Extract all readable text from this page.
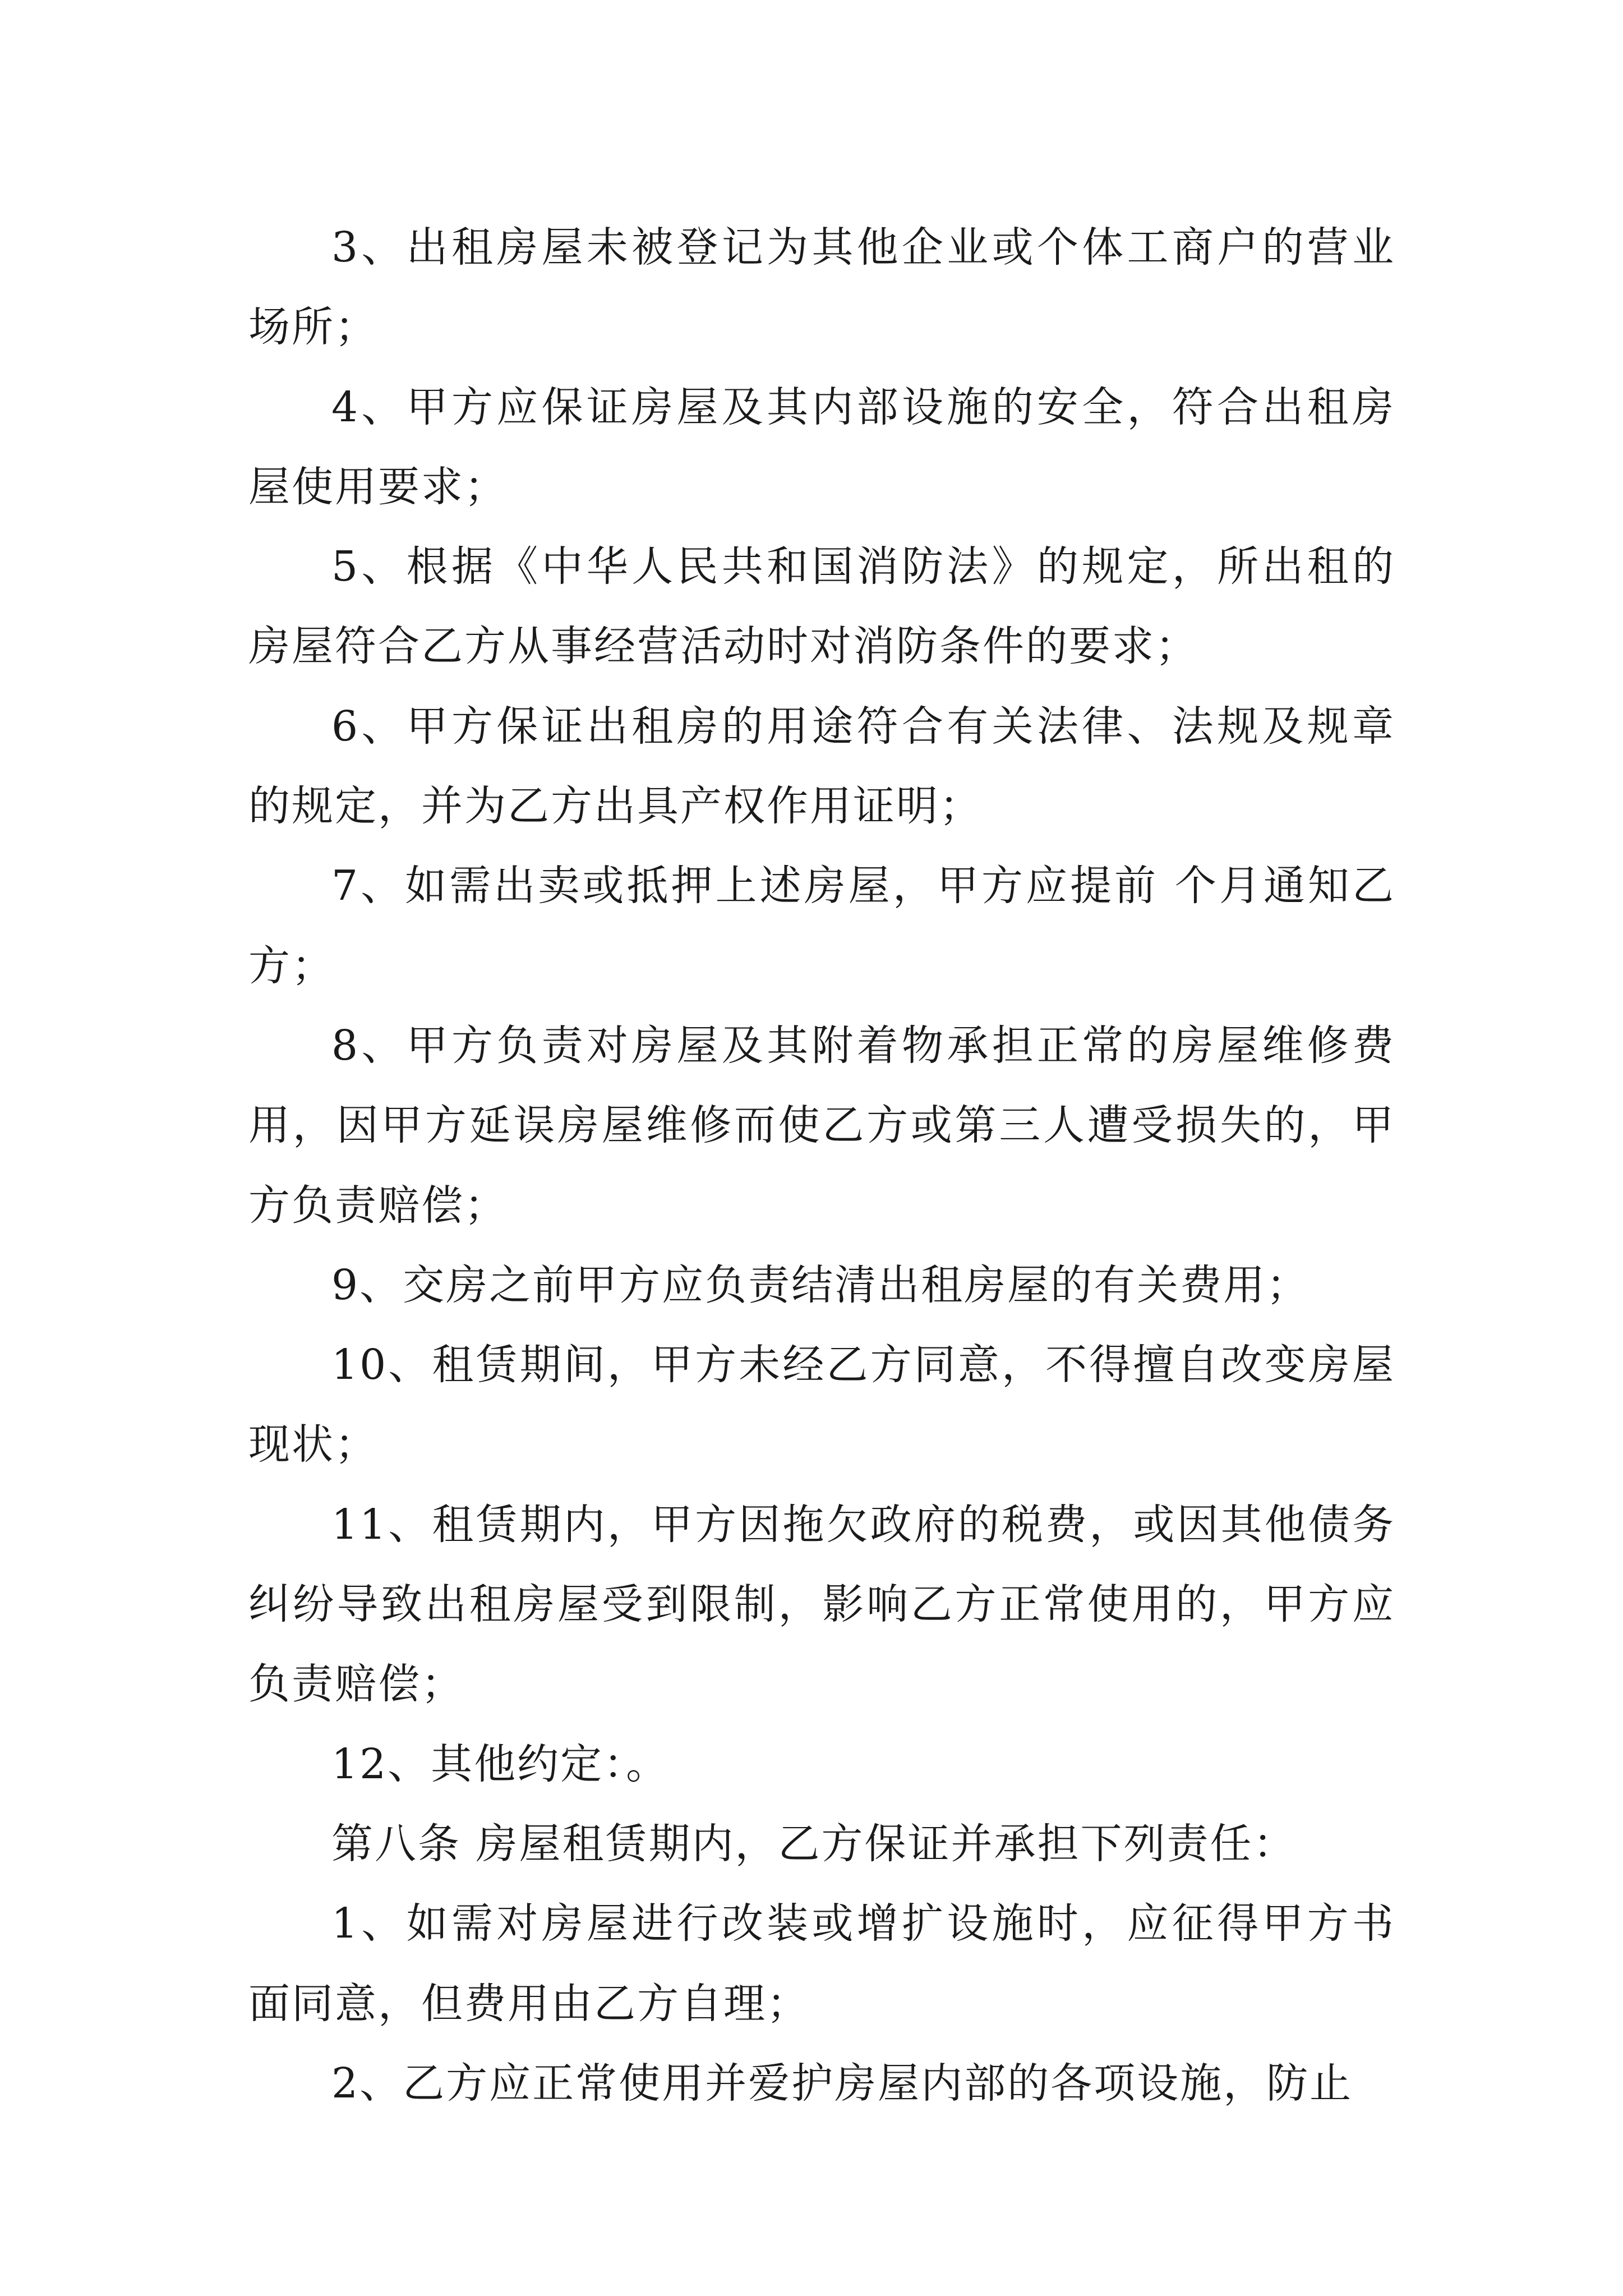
3、出租房屋未被登记为其他企业或个体工商户的营业场所；

4、甲方应保证房屋及其内部设施的安全，符合出租房屋使用要求；

5、根据《中华人民共和国消防法》的规定，所出租的房屋符合乙方从事经营活动时对消防条件的要求；

6、甲方保证出租房的用途符合有关法律、法规及规章的规定，并为乙方出具产权作用证明；

7、如需出卖或抵押上述房屋，甲方应提前 个月通知乙方；

8、甲方负责对房屋及其附着物承担正常的房屋维修费用，因甲方延误房屋维修而使乙方或第三人遭受损失的，甲方负责赔偿；

9、交房之前甲方应负责结清出租房屋的有关费用；

10、租赁期间，甲方未经乙方同意，不得擅自改变房屋现状；

11、租赁期内，甲方因拖欠政府的税费，或因其他债务纠纷导致出租房屋受到限制，影响乙方正常使用的，甲方应负责赔偿；

12、其他约定：。

第八条 房屋租赁期内，乙方保证并承担下列责任：

1、如需对房屋进行改装或增扩设施时，应征得甲方书面同意，但费用由乙方自理；

2、乙方应正常使用并爱护房屋内部的各项设施，防止
